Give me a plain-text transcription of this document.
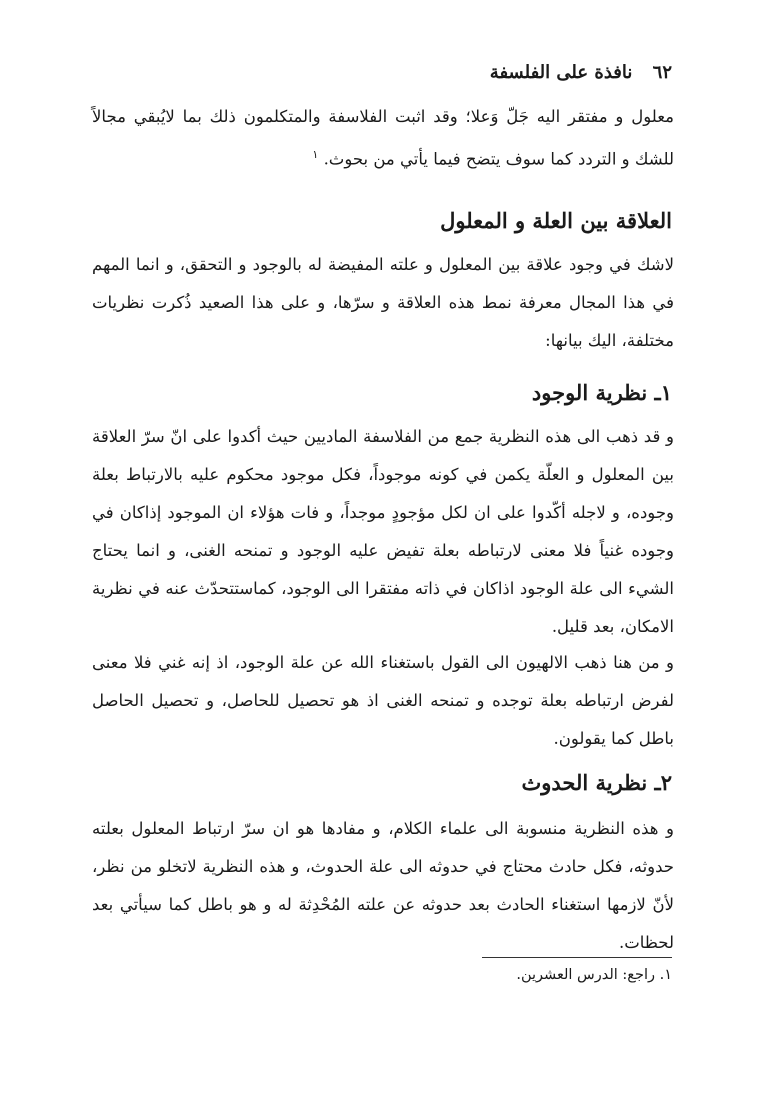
٦٢ نافذة على الفلسفة

معلول و مفتقر اليه جَلّ وَعلا؛ وقد اثبت الفلاسفة والمتكلمون ذلك بما لايُبقي مجالاً للشك و التردد كما سوف يتضح فيما يأتي من بحوث. $^١$

العلاقة بين العلة و المعلول

لاشك في وجود علاقة بين المعلول و علته المفيضة له بالوجود و التحقق، و انما المهم في هذا المجال معرفة نمط هذه العلاقة و سرّها، و على هذا الصعيد ذُكرت نظريات مختلفة، اليك بيانها:

١ـ نظرية الوجود

و قد ذهب الى هذه النظرية جمع من الفلاسفة الماديين حيث أكدوا على انّ سرّ العلاقة بين المعلول و العلّة يكمن في كونه موجوداً، فكل موجود محكوم عليه بالارتباط بعلة وجوده، و لاجله أكّدوا على ان لكل مؤجودٍ موجداً، و فات هؤلاء ان الموجود إذاكان في وجوده غنياً فلا معنى لارتباطه بعلة تفيض عليه الوجود و تمنحه الغنى، و انما يحتاج الشيء الى علة الوجود اذاكان في ذاته مفتقرا الى الوجود، كماستتحدّث عنه في نظرية الامكان، بعد قليل.

و من هنا ذهب الالهيون الى القول باستغناء الله عن علة الوجود، اذ إنه غني فلا معنى لفرض ارتباطه بعلة توجده و تمنحه الغنى اذ هو تحصيل للحاصل، و تحصيل الحاصل باطل كما يقولون.

٢ـ نظرية الحدوث

و هذه النظرية منسوبة الى علماء الكلام، و مفادها هو ان سرّ ارتباط المعلول بعلته حدوثه، فكل حادث محتاج في حدوثه الى علة الحدوث، و هذه النظرية لاتخلو من نظر، لأنّ لازمها استغناء الحادث بعد حدوثه عن علته المُحْدِثة له و هو باطل كما سيأتي بعد لحظات.

١. راجع: الدرس العشرين.
